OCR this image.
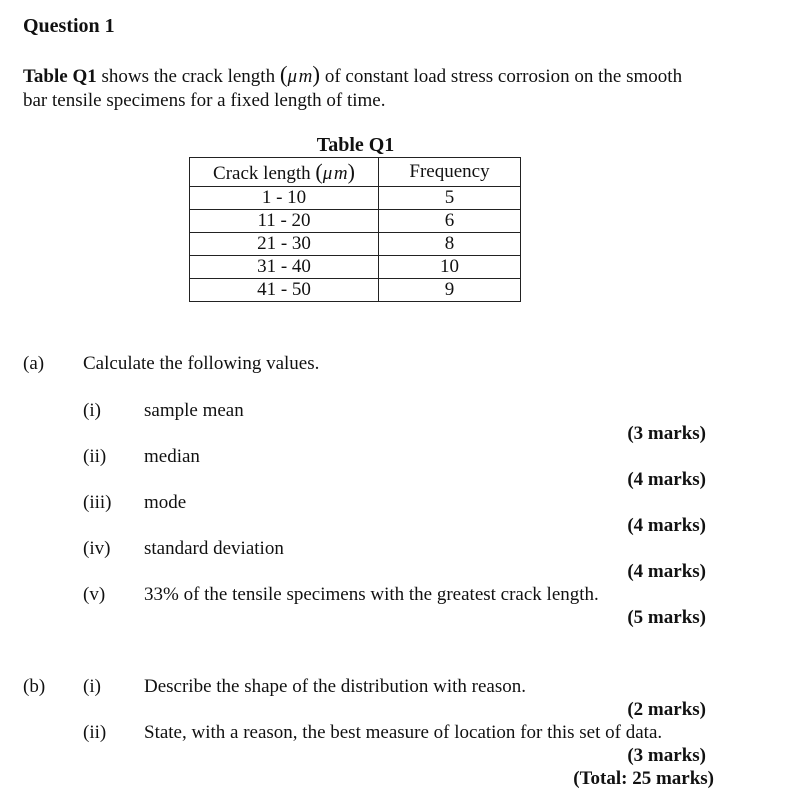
Question 1
Table Q1 shows the crack length (μ m) of constant load stress corrosion on the smooth
bar tensile specimens for a fixed length of time.
Table Q1
Crack length (μ m)	Frequency
1 - 10	5
11 - 20	6
21 - 30	8
31 - 40	10
41 - 50	9
(a) Calculate the following values.
(i) sample mean
(3 marks)
(ii) median
(4 marks)
(iii) mode
(4 marks)
(iv) standard deviation
(4 marks)
(v) 33% of the tensile specimens with the greatest crack length.
(5 marks)
(b) (i) Describe the shape of the distribution with reason.
(2 marks)
(ii) State, with a reason, the best measure of location for this set of data.
(3 marks)
(Total: 25 marks)
